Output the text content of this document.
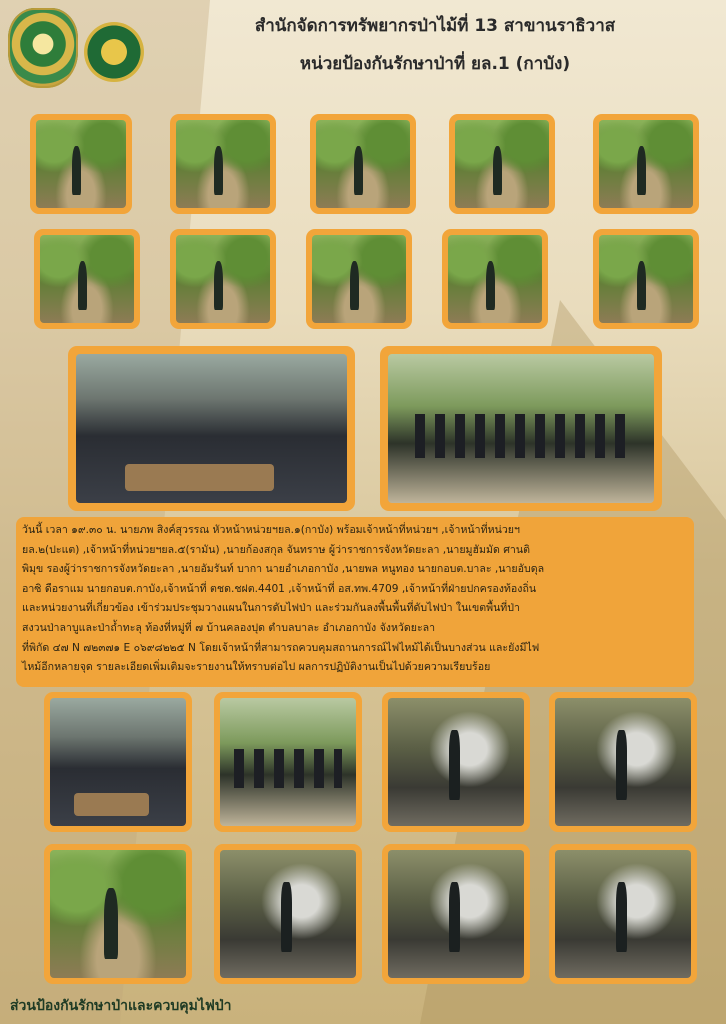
สำนักจัดการทรัพยากรป่าไม้ที่ 13 สาขานราธิวาส
หน่วยป้องกันรักษาป่าที่ ยล.1 (กาบัง)
วันนี้ เวลา ๑๙.๓๐ น. นายภพ สิงค์สุวรรณ หัวหน้าหน่วยฯยล.๑(กาบัง) พร้อมเจ้าหน้าที่หน่วยฯ ,เจ้าหน้าที่หน่วยฯ
ยล.๒(ปะแต) ,เจ้าหน้าที่หน่วยฯยล.๕(รามัน) ,นายก้องสกุล จันทราษ ผู้ว่าราชการจังหวัดยะลา ,นายมูฮัมมัด ศานติ
พิมุข รองผู้ว่าราชการจังหวัดยะลา ,นายอัมรันท์ บากา นายอำเภอกาบัง ,นายพล หนูทอง นายกอบต.บาละ ,นายอับดุล
อาซิ ดือราแม นายกอบต.กาบัง,เจ้าหน้าที่ ตชด.ชฝต.4401 ,เจ้าหน้าที่ อส.ทพ.4709 ,เจ้าหน้าที่ฝ่ายปกครองท้องถิ่น
และหน่วยงานที่เกี่ยวข้อง เข้าร่วมประชุมวางแผนในการดับไฟป่า และร่วมกันลงพื้นพื้นที่ดับไฟป่า ในเขตพื้นที่ป่า
สงวนป่าลาบูและป่าถ้ำทะลุ ท้องที่หมู่ที่ ๗ บ้านคลองปุด ตำบลบาละ อำเภอกาบัง จังหวัดยะลา
ที่พิกัด ๔๗ N ๗๒๓๗๑ E ๐๖๙๘๒๒๕ N โดยเจ้าหน้าที่สามารถควบคุมสถานการณ์ไฟไหม้ได้เป็นบางส่วน และยังมีไฟ
ไหม้อีกหลายจุด รายละเอียดเพิ่มเติมจะรายงานให้ทราบต่อไป ผลการปฏิบัติงานเป็นไปด้วยความเรียบร้อย
ส่วนป้องกันรักษาป่าและควบคุมไฟป่า
